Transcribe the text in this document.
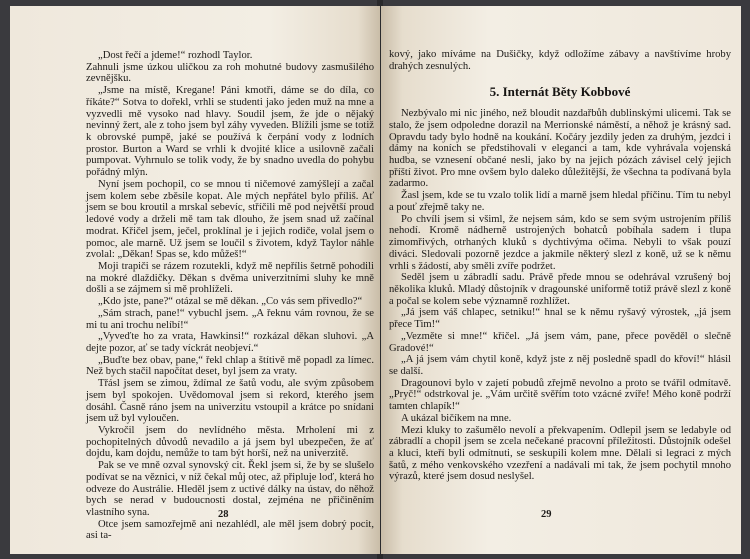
„Dost řečí a jdeme!“ rozhodl Taylor.

Zahnuli jsme úzkou uličkou za roh mohutné budovy zasmušilého zevnějšku.

„Jsme na místě, Kregane! Páni kmotři, dáme se do díla, co říkáte?“ Sotva to dořekl, vrhli se studenti jako jeden muž na mne a vyzvedli mě vysoko nad hlavy. Soudil jsem, že jde o nějaký nevinný žert, ale z toho jsem byl záhy vyveden. Blížili jsme se totiž k obrovské pumpě, jaké se používá k čerpání vody z lodních prostor. Burton a Ward se vrhli k dvojité klice a usilovně začali pumpovat. Vyhrnulo se tolik vody, že by snadno uvedla do pohybu pořádný mlýn.

Nyní jsem pochopil, co se mnou ti ničemové zamýšlejí a začal jsem kolem sebe zběsile kopat. Ale mých nepřátel bylo příliš. Ať jsem se bou kroutil a mrskal sebevíc, stříčili mě pod největší proud ledové vody a drželi mě tam tak dlouho, že jsem snad už začínal modrat. Křičel jsem, ječel, proklínal je i jejich rodiče, volal jsem o pomoc, ale marně. Už jsem se loučil s životem, když Taylor náhle zvolal: „Děkan! Spas se, kdo můžeš!“

Moji trapiči se rázem rozutekli, když mě nepřílis šetrně pohodili na mokré dlaždičky. Děkan s dvěma univerzitními sluhy ke mně došli a se zájmem si mě prohlíželi.

„Kdo jste, pane?“ otázal se mě děkan. „Co vás sem přivedlo?“

„Sám strach, pane!“ vybuchl jsem. „A řeknu vám rovnou, že se mi tu ani trochu nelíbí!“

„Vyveďte ho za vrata, Hawkinsi!“ rozkázal děkan sluhovi. „A dejte pozor, ať se tady víckrát neobjeví.“

„Buďte bez obav, pane,“ řekl chlap a štítivě mě popadl za límec. Než bych stačil napočítat deset, byl jsem za vraty.

Třásl jsem se zimou, ždímal ze šatů vodu, ale svým způsobem jsem byl spokojen. Uvědomoval jsem si rekord, kterého jsem dosáhl. Časně ráno jsem na univerzitu vstoupil a krátce po snídani jsem už byl vyloučen.

Vykročil jsem do nevlídného města. Mrholení mi z pochopitelných důvodů nevadilo a já jsem byl ubezpečen, že ať dojdu, kam dojdu, nemůže to tam být horší, než na univerzitě.

Pak se ve mně ozval synovský cit. Řekl jsem si, že by se slušelo podívat se na věznici, v níž čekal můj otec, až připluje loď, která ho odveze do Austrálie. Hleděl jsem z uctivé dálky na ústav, do něhož bych se nerad v budoucnosti dostal, zejména ne přičiněním vlastního syna.

Otce jsem samozřejmě ani nezahlédl, ale měl jsem dobrý pocit, asi ta-

28

kový, jako míváme na Dušičky, když odložíme zábavy a navštívíme hroby drahých zesnulých.

5. Internát Běty Kobbové

Nezbývalo mi nic jiného, než bloudit nazdařbůh dublinskými ulicemi. Tak se stalo, že jsem odpoledne dorazil na Merrionské náměstí, a něhož je krásný sad. Opravdu tady bylo hodně na koukání. Kočáry jezdily jeden za druhým, jezdci i dámy na koních se předstihovali v eleganci a tam, kde vyhrávala vojenská hudba, se vznesení občané nesli, jako by na jejich pózách závisel celý jejich příští život. Pro mne ovšem bylo daleko důležitější, že všechna ta podívaná byla zadarmo.

Žasl jsem, kde se tu vzalo tolik lidí a marně jsem hledal příčinu. Tím tu nebyl a pouť zřejmě taky ne.

Po chvíli jsem si všiml, že nejsem sám, kdo se sem svým ustrojením příliš nehodí. Kromě nádherně ustrojených bohatců pobíhala sadem i tlupa zimomřivých, otrhaných kluků s dychtivýma očima. Nebyli to však pouzí diváci. Sledovali pozorně jezdce a jakmile některý slezl z koně, už se k němu vrhli s žádostí, aby směli zvíře podržet.

Seděl jsem u zábradlí sadu. Právě přede mnou se odehrával vzrušený boj několika kluků. Mladý důstojník v dragounské uniformě totiž právě slezl z koně a počal se kolem sebe významně rozhlížet.

„Já jsem váš chlapec, setniku!“ hnal se k němu ryšavý výrostek, „já jsem přece Tim!“

„Vezměte si mne!“ křičel. „Já jsem vám, pane, přece pověděl o slečně Gradové!“

„A já jsem vám chytil koně, když jste z něj posledně spadl do křoví!“ hlásil se další.

Dragounovi bylo v zajetí pobudů zřejmě nevolno a proto se tvářil odmítavě. „Pryč!“ odstrkoval je. „Vám určitě svěřím toto vzácné zvíře! Mého koně podrží tamten chlapík!“

A ukázal bičíkem na mne.

Mezi kluky to zašumělo nevolí a překvapením. Odlepil jsem se ledabyle od zábradlí a chopil jsem se zcela nečekané pracovní příležitosti. Důstojník odešel a kluci, kteří byli odmítnuti, se seskupili kolem mne. Dělali si legraci z mých šatů, z mého venkovského vzezření a nadávali mi tak, že jsem pochytil mnoho výrazů, které jsem dosud neslyšel.

29
